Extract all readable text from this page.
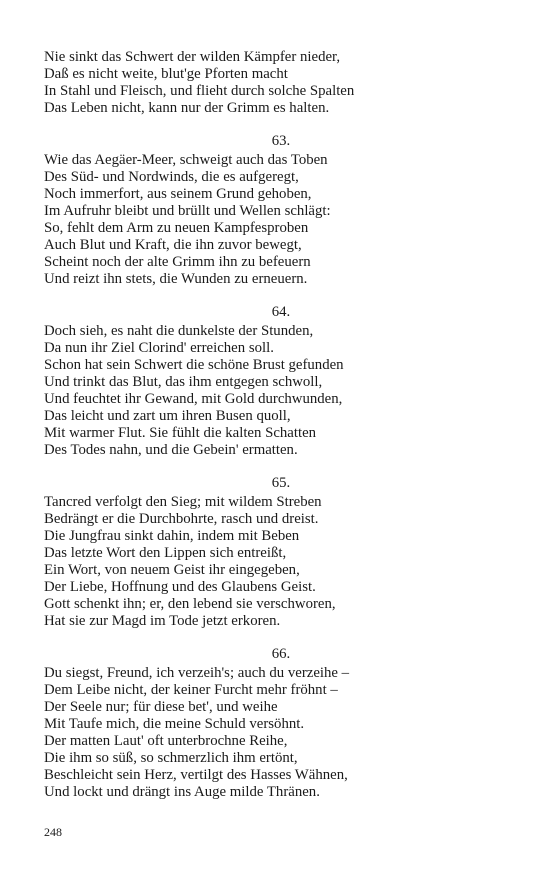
Nie sinkt das Schwert der wilden Kämpfer nieder,
Daß es nicht weite, blut'ge Pforten macht
In Stahl und Fleisch, und flieht durch solche Spalten
Das Leben nicht, kann nur der Grimm es halten.
63.
Wie das Aegäer-Meer, schweigt auch das Toben
Des Süd- und Nordwinds, die es aufgeregt,
Noch immerfort, aus seinem Grund gehoben,
Im Aufruhr bleibt und brüllt und Wellen schlägt:
So, fehlt dem Arm zu neuen Kampfesproben
Auch Blut und Kraft, die ihn zuvor bewegt,
Scheint noch der alte Grimm ihn zu befeuern
Und reizt ihn stets, die Wunden zu erneuern.
64.
Doch sieh, es naht die dunkelste der Stunden,
Da nun ihr Ziel Clorind' erreichen soll.
Schon hat sein Schwert die schöne Brust gefunden
Und trinkt das Blut, das ihm entgegen schwoll,
Und feuchtet ihr Gewand, mit Gold durchwunden,
Das leicht und zart um ihren Busen quoll,
Mit warmer Flut. Sie fühlt die kalten Schatten
Des Todes nahn, und die Gebein' ermatten.
65.
Tancred verfolgt den Sieg; mit wildem Streben
Bedrängt er die Durchbohrte, rasch und dreist.
Die Jungfrau sinkt dahin, indem mit Beben
Das letzte Wort den Lippen sich entreißt,
Ein Wort, von neuem Geist ihr eingegeben,
Der Liebe, Hoffnung und des Glaubens Geist.
Gott schenkt ihn; er, den lebend sie verschworen,
Hat sie zur Magd im Tode jetzt erkoren.
66.
Du siegst, Freund, ich verzeih's; auch du verzeihe –
Dem Leibe nicht, der keiner Furcht mehr fröhnt –
Der Seele nur; für diese bet', und weihe
Mit Taufe mich, die meine Schuld versöhnt.
Der matten Laut' oft unterbrochne Reihe,
Die ihm so süß, so schmerzlich ihm ertönt,
Beschleicht sein Herz, vertilgt des Hasses Wähnen,
Und lockt und drängt ins Auge milde Thränen.
248
